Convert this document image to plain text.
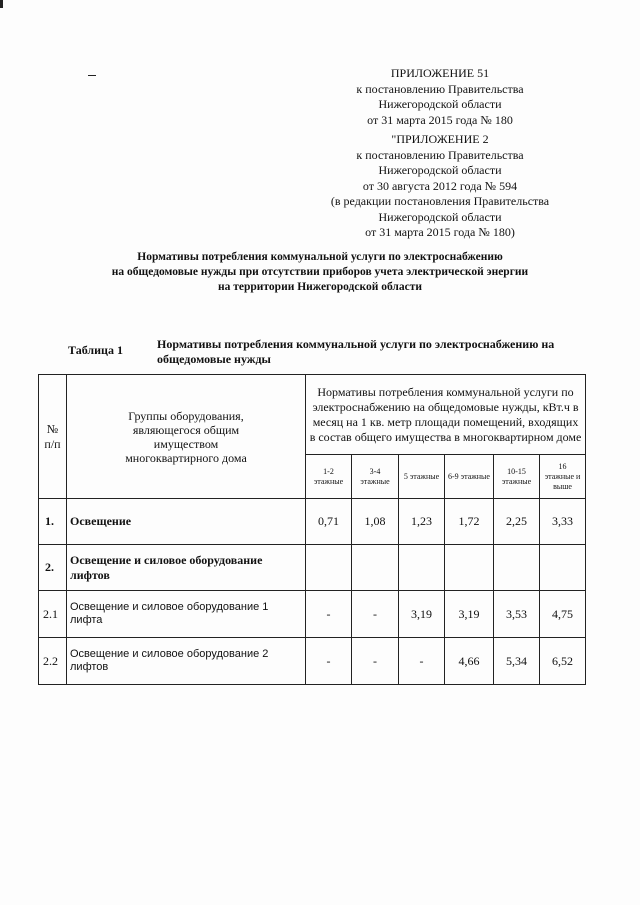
ПРИЛОЖЕНИЕ 51
к постановлению Правительства
Нижегородской области
от 31 марта 2015 года № 180
"ПРИЛОЖЕНИЕ 2
к постановлению Правительства
Нижегородской области
от 30 августа 2012 года № 594
(в редакции постановления Правительства
Нижегородской области
от 31 марта 2015 года № 180)
Нормативы потребления коммунальной услуги по электроснабжению
на общедомовые нужды при отсутствии приборов учета электрической энергии
на территории Нижегородской области
Таблица 1	Нормативы потребления коммунальной услуги по электроснабжению на общедомовые нужды
№ п/п	Группы оборудования, являющегося общим имуществом многоквартирного дома	Нормативы потребления коммунальной услуги по электроснабжению на общедомовые нужды, кВт.ч в месяц на 1 кв. метр площади помещений, входящих в состав общего имущества в многоквартирном доме					
		1-2 этажные	3-4 этажные	5 этажные	6-9 этажные	10-15 этажные	16 этажные и выше
1.	Освещение	0,71	1,08	1,23	1,72	2,25	3,33
2.	Освещение и силовое оборудование лифтов						
2.1	Освещение и силовое оборудование 1 лифта	-	-	3,19	3,19	3,53	4,75
2.2	Освещение и силовое оборудование 2 лифтов	-	-	-	4,66	5,34	6,52
